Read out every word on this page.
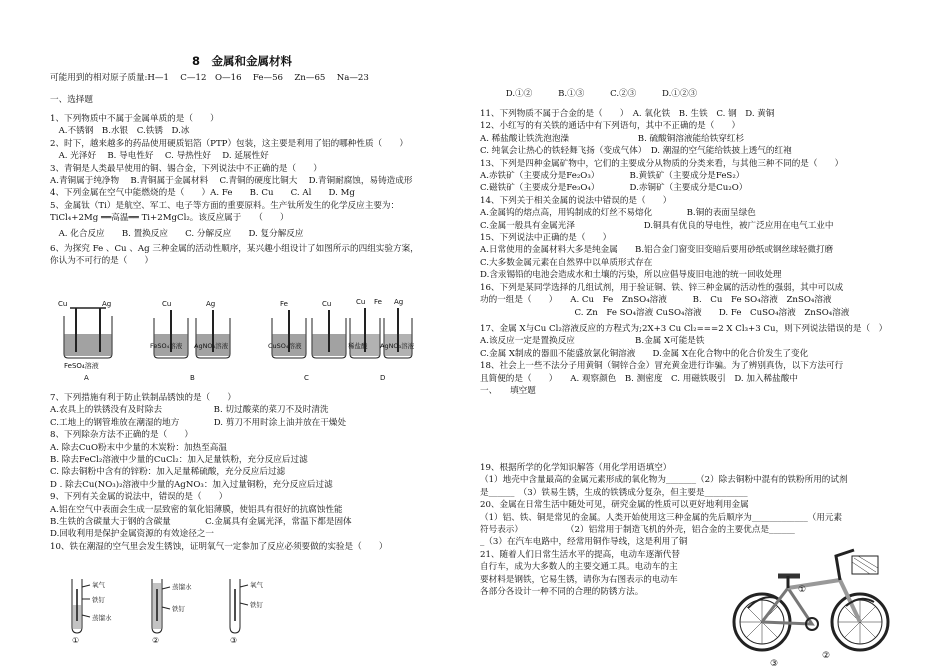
8　金属和金属材料
可能用到的相对原子质量:H—1　 C—12　O—16　 Fe—56　 Zn—65　 Na—23
一、选择题
1、下列物质中不属于金属单质的是（　　）
　A.不锈钢　B.水银　C.铁锈　D.冰
2、时下，越来越多的药品使用硬质铝箔（PTP）包装，这主要是利用了铝的哪种性质（　　）
　A. 光泽好　 B. 导电性好　 C. 导热性好　 D. 延展性好
3、青铜是人类最早使用的铜、锡合金，下列说法中不正确的是（　　）
A.青铜属于纯净物　 B.青铜属于金属材料　 C.青铜的硬度比铜大　 D.青铜耐腐蚀，易铸造成形
4、下列金属在空气中能燃烧的是（　　）A. Fe　　B. Cu　　C. Al　　D. Mg
5、金属钛（Ti）是航空、军工、电子等方面的重要原料。生产钛所发生的化学反应主要为：
TiCl₄+2Mg ══高温══ Ti+2MgCl₂。该反应属于　　（　　）
　A. 化合反应　　B. 置换反应　　C. 分解反应　　D. 复分解反应
6、为探究 Fe 、Cu 、Ag 三种金属的活动性顺序，某兴趣小组设计了如图所示的四组实验方案，
你认为不可行的是（　　）
Cu	Ag	Cu	Ag	Fe	Cu	Cu Fe Ag
FeSO₄溶液
FeSO₄溶液 AgNO₃溶液	CuSO₄溶液	稀盐酸 AgNO₃溶液
A	B	C	D
7、下列措施有利于防止铁制品锈蚀的是（　　）
A.农具上的铁锈没有及时除去　　　　　　B. 切过酸菜的菜刀不及时清洗
C.工地上的钢管堆放在潮湿的地方　　　　D. 剪刀不用时涂上油并放在干燥处
8、下列除杂方法不正确的是（　　）
A. 除去CuO粉末中少量的木炭粉：加热至高温
B. 除去FeCl₂溶液中少量的CuCl₂：加入足量铁粉，充分反应后过滤
C. 除去铜粉中含有的锌粉：加入足量稀硫酸，充分反应后过滤
D . 除去Cu(NO₃)₂溶液中少量的AgNO₃：加入过量铜粉，充分反应后过滤
9、下列有关金属的说法中，错误的是（　　）
A.铝在空气中表面会生成一层致密的氧化铝薄膜，使铝具有很好的抗腐蚀性能
B.生铁的含碳量大于钢的含碳量　　　　C.金属具有金属光泽，常温下都是固体
D.回收利用是保护金属资源的有效途径之一
10、铁在潮湿的空气里会发生锈蚀，证明氧气一定参加了反应必须要做的实验是（　　）
氧气
铁钉
蒸馏水
蒸馏水
铁钉
氧气
铁钉
①	②	③
　　　D.①②　　　B.①③　　　C.②③　　　D.①②③
11、下列物质不属于合金的是（　　）　A. 氧化铁　B. 生铁　C. 钢　D. 黄铜
12、小红写的有关铁的通话中有下列语句，其中不正确的是（　　）
A. 稀盐酸让铁洗泡泡澡　　　　　　　　B. 硫酸铜溶液能给铁穿红杉
C. 纯氧会让热心的铁轻舞飞扬（变成气体）　D. 潮湿的空气能给铁披上透气的红袍
13、下列是四种金属矿物中，它们的主要成分从物质的分类来看，与其他三种不同的是（　　）
A.赤铁矿（主要成分是Fe₂O₃）　　　　B.黄铁矿（主要成分是FeS₂）
C.磁铁矿（主要成分是Fe₃O₄）　　　　D.赤铜矿（主要成分是Cu₂O）
14、下列关于相关金属的说法中错误的是（　　）
A.金属钨的熔点高，用钨制成的灯丝不易熔化　　　　B.铜的表面呈绿色
C.金属一般具有金属光泽　　　　　　　　D.铜具有优良的导电性，被广泛应用在电气工业中
15、下列说法中正确的是（　　）
A.日常使用的金属材料大多是纯金属　　B.铝合金门窗变旧变暗后要用砂纸或钢丝球轻微打磨
C.大多数金属元素在自然界中以单质形式存在
D.含汞锡铅的电池会造成水和土壤的污染，所以应倡导废旧电池的统一回收处理
16、下列是某同学选择的几组试剂，用于验证铜、铁、锌三种金属的活动性的强弱，其中可以成
功的一组是（　　）　　A. Cu　Fe　ZnSO₄溶液　　　B.　Cu　Fe SO₄溶液　ZnSO₄溶液
　　　　　　　　　　　C. Zn　Fe SO₄溶液 CuSO₄溶液　　D. Fe　CuSO₄溶液　ZnSO₄溶液
17、金属 X与Cu Cl₂溶液反应的方程式为;2X+3 Cu Cl₂===2 X Cl₃+3 Cu，则下列说法错误的是（　）
A.该反应一定是置换反应　　　　　　　B.金属 X可能是铁
C.金属 X制成的器皿不能盛放氯化铜溶液　　D.金属 X在化合物中的化合价发生了变化
18、社会上一些不法分子用黄铜（铜锌合金）冒充黄金进行诈骗。为了辨别真伪，以下方法可行
且简便的是（　　）　　A. 观察颜色　B. 测密度　C. 用磁铁吸引　D. 加入稀盐酸中
一、　　填空题
19、根据所学的化学知识解答（用化学用语填空）
（1）地壳中含量最高的金属元素形成的氧化物为_______（2）除去铜粉中混有的铁粉所用的试剂
是______　（3）铁易生锈，生成的铁锈成分复杂，但主要是__________
20、金属在日常生活中随处可见，研究金属的性质可以更好地利用金属
（1）铝、铁、铜是常见的金属。人类开始使用这三种金属的先后顺序为_____________（用元素
符号表示）　　　　　　（2）铝常用于制造飞机的外壳，铝合金的主要优点是______
_（3）在汽车电路中，经常用铜作导线，这是利用了铜
21、随着人们日常生活水平的提高，电动车逐渐代替
自行车，成为大多数人的主要交通工具。电动车的主
要材料是钢铁，它易生锈，请你为右图表示的电动车
各部分各设计一种不同的合理的防锈方法。	①
②
③
